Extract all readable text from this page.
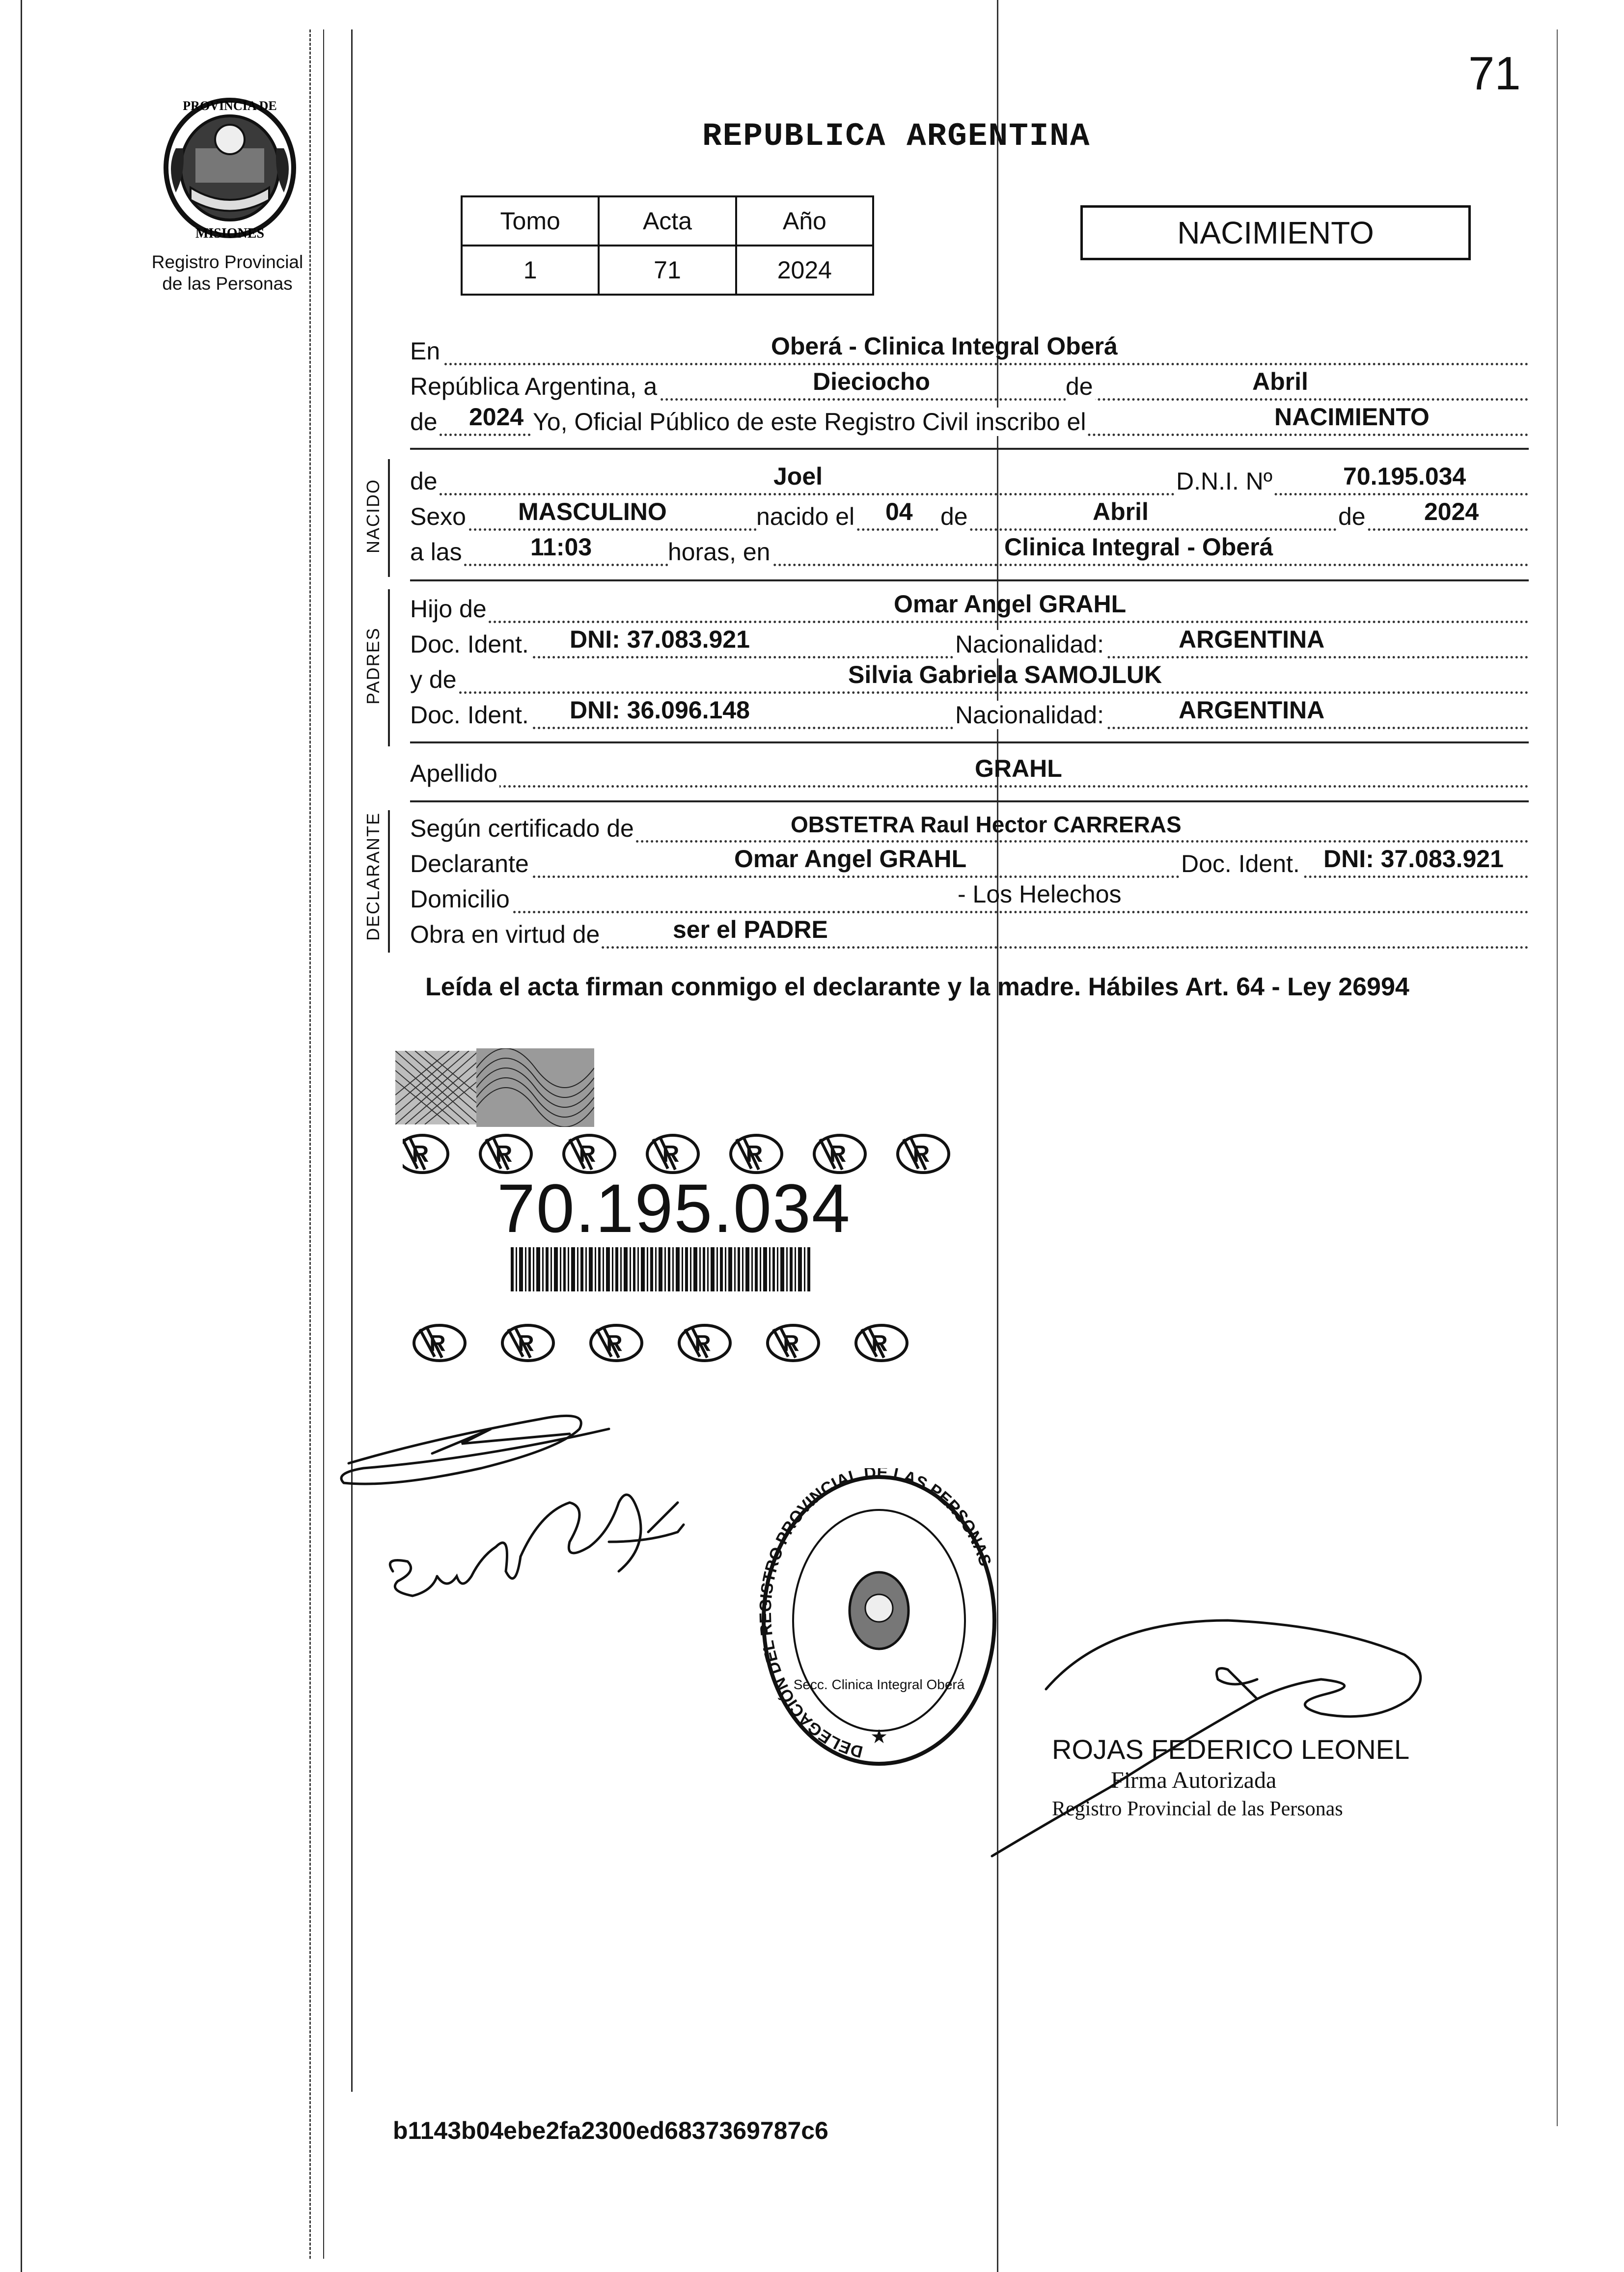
71
PROVINCIA DE
MISIONES
Registro Provincial
de las Personas
REPUBLICA ARGENTINA
Tomo	Acta	Año
1	71	2024
NACIMIENTO
En	Oberá - Clinica Integral Oberá
República Argentina, a	Dieciocho	de	Abril
de 2024 Yo, Oficial Público de este Registro Civil inscribo el	NACIMIENTO
NACIDO de	Joel	D.N.I. Nº	70.195.034
Sexo MASCULINO	nacido el 04 de	Abril	de 2024
a las	11:03	horas, en	Clinica Integral - Oberá
PADRES
Hijo de	Omar Angel GRAHL
Doc. Ident. DNI: 37.083.921	Nacionalidad:	ARGENTINA
y de	Silvia Gabriela SAMOJLUK
Doc. Ident. DNI: 36.096.148	Nacionalidad:	ARGENTINA
Apellido	GRAHL
DECLARANTE Según certificado de	OBSTETRA Raul Hector CARRERAS
Declarante	Omar Angel GRAHL	Doc. Ident. DNI: 37.083.921
Domicilio	- Los Helechos
Obra en virtud de	ser el PADRE
Leída el acta firman conmigo el declarante y la madre. Hábiles Art. 64 - Ley 26994
R	R	R	R	R	R	R
70.195.034
R	R	R	R	R	R
DELEGACIÓN DEL REGISTRO PROVINCIAL DE LAS PERSONAS
Secc. Clinica Integral Oberá
★	ROJAS FEDERICO LEONEL
Firma Autorizada
Registro Provincial de las Personas
b1143b04ebe2fa2300ed6837369787c6
